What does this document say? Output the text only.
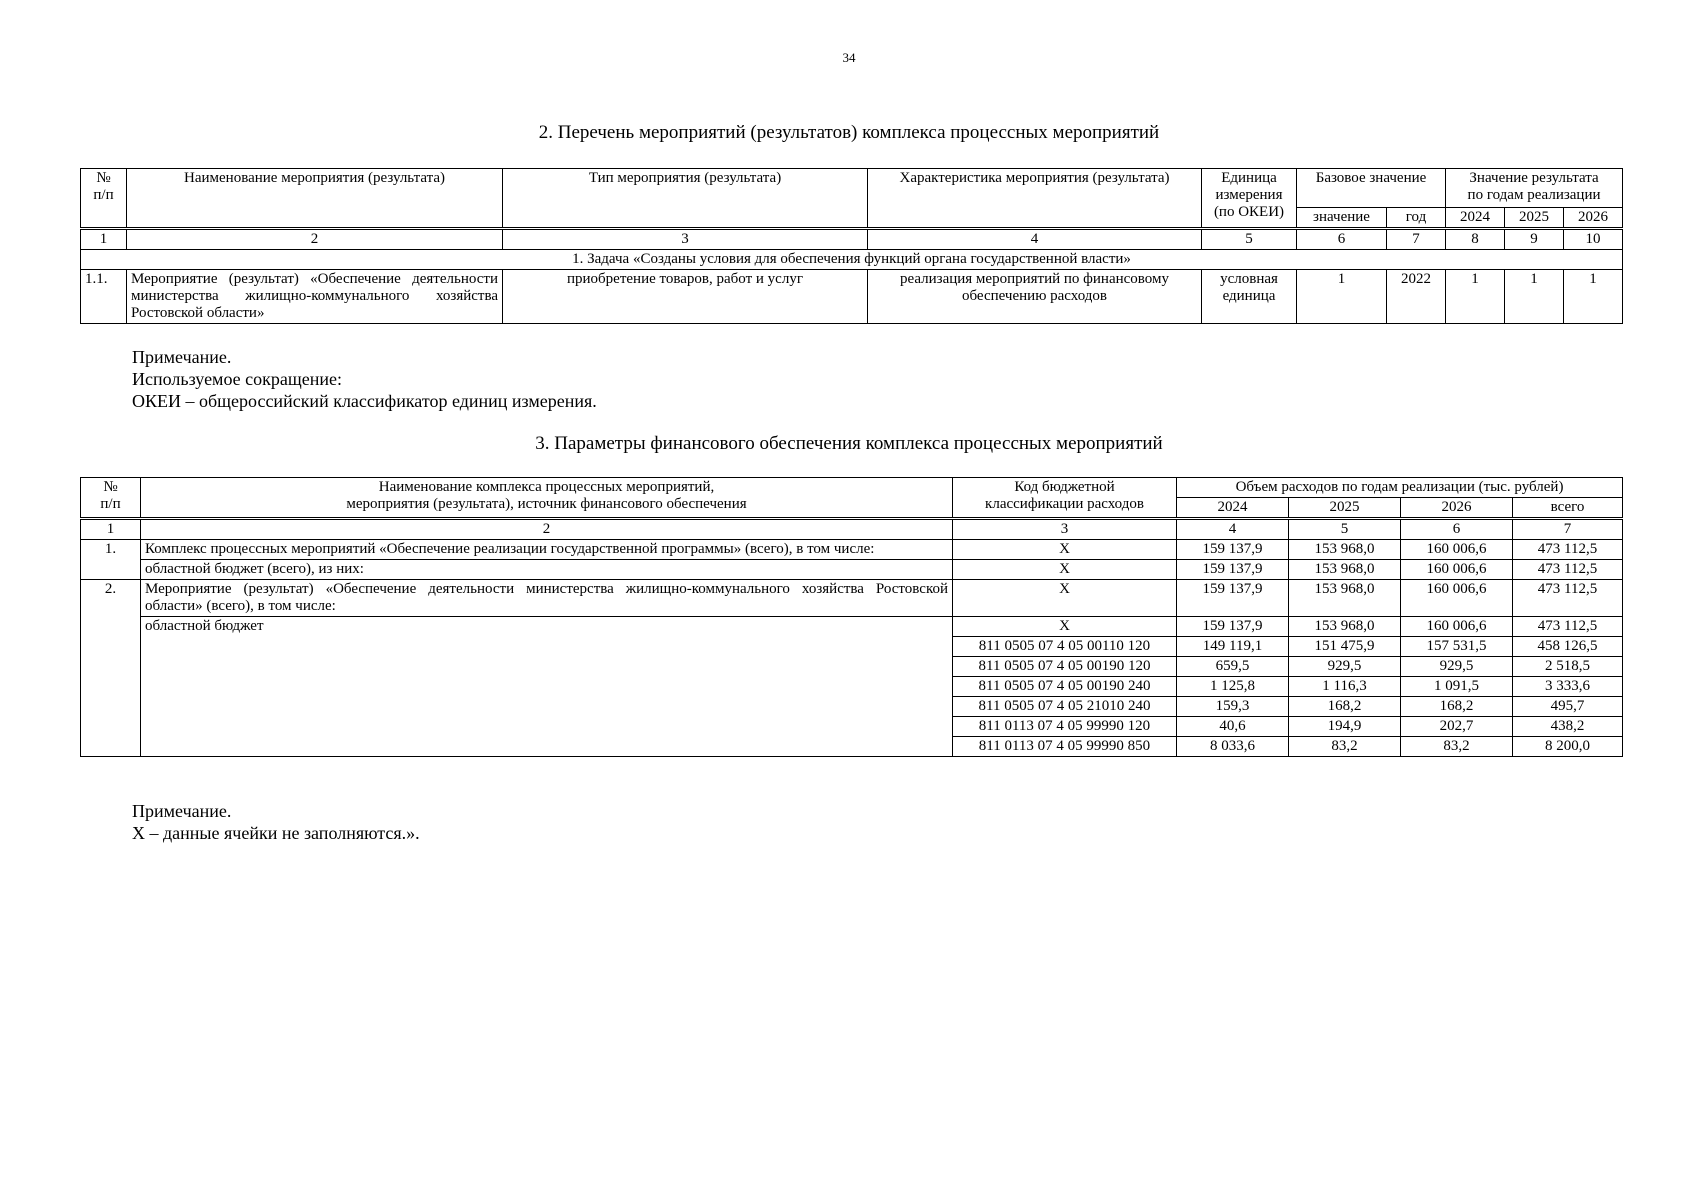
34
2. Перечень мероприятий (результатов) комплекса процессных мероприятий
№
п/п	Наименование мероприятия (результата)	Тип мероприятия (результата)	Характеристика мероприятия (результата)	Единица
измерения
(по ОКЕИ)	Базовое значение		Значение результата
по годам реализации		
					значение	год	2024	2025	2026
1	2	3	4	5	6	7	8	9	10
1. Задача «Созданы условия для обеспечения функций органа государственной власти»									
1.1.	Мероприятие (результат) «Обеспечение деятельности министерства жилищно-коммунального хозяйства Ростовской области»	приобретение товаров, работ и услуг	реализация мероприятий по финансовому обеспечению расходов	условная единица	1	2022	1	1	1
Примечание.
Используемое сокращение:
ОКЕИ – общероссийский классификатор единиц измерения.
3. Параметры финансового обеспечения комплекса процессных мероприятий
№
п/п	Наименование комплекса процессных мероприятий,
мероприятия (результата), источник финансового обеспечения	Код бюджетной
классификации расходов	Объем расходов по годам реализации (тыс. рублей)			
			2024	2025	2026	всего
1	2	3	4	5	6	7
1.	Комплекс процессных мероприятий «Обеспечение реализации государственной программы» (всего), в том числе:	X	159 137,9	153 968,0	160 006,6	473 112,5
	областной бюджет (всего), из них:	X	159 137,9	153 968,0	160 006,6	473 112,5
2.	Мероприятие (результат) «Обеспечение деятельности министерства жилищно-коммунального хозяйства Ростовской области» (всего), в том числе:	X	159 137,9	153 968,0	160 006,6	473 112,5
	областной бюджет	X	159 137,9	153 968,0	160 006,6	473 112,5
		811 0505 07 4 05 00110 120	149 119,1	151 475,9	157 531,5	458 126,5
		811 0505 07 4 05 00190 120	659,5	929,5	929,5	2 518,5
		811 0505 07 4 05 00190 240	1 125,8	1 116,3	1 091,5	3 333,6
		811 0505 07 4 05 21010 240	159,3	168,2	168,2	495,7
		811 0113 07 4 05 99990 120	40,6	194,9	202,7	438,2
		811 0113 07 4 05 99990 850	8 033,6	83,2	83,2	8 200,0
Примечание.
X – данные ячейки не заполняются.».
